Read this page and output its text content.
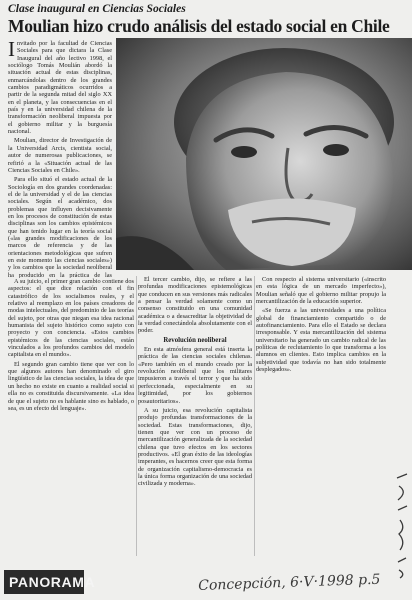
Clase inaugural en Ciencias Sociales
Moulian hizo crudo análisis del estado social en Chile

Invitado por la facultad de Ciencias Sociales para que dictara la Clase Inaugural del año lectivo 1998, el sociólogo Tomás Moulián abordó la situación actual de estas disciplinas, enmarcándolas dentro de los grandes cambios paradigmáticos ocurridos a partir de la segunda mitad del siglo XX en el planeta, y las consecuencias en el país y en la universidad chilena de la transformación neoliberal impuesta por el gobierno militar y la burguesía nacional.

Moulian, director de Investigación de la Universidad Arcis, cientista social, autor de numerosas publicaciones, se refirió a la «Situación actual de las Ciencias Sociales en Chile».

Para ello situó el estado actual de la Sociología en dos grandes coordenadas: el de la universidad y el de las ciencias sociales. Según el académico, dos problemas que influyen decisivamente en los procesos de constitución de estas disciplinas son los cambios epistémicos que han tenido lugar en la teoría social («las grandes modificaciones de los marcos de referencia y de las orientaciones metodológicas que sufren en este momento las ciencias sociales») y los cambios que la sociedad neoliberal ha producido en la práctica de las

A su juicio, el primer gran cambio contiene dos aspectos: el que dice relación con el fin catastrófico de los socialismos reales, y el relativo al reemplazo en los países creadores de modas intelectuales, del predominio de las teorías del sujeto, por otras que niegan esa idea racional humanista del sujeto histórico como sujeto con proyecto y con conciencia. «Estos cambios epistémicos de las ciencias sociales, están vinculados a los profundos cambios del modelo capitalista en el mundo».

El segundo gran cambio tiene que ver con lo que algunos autores han denominado el giro lingüístico de las ciencias sociales, la idea de que un hecho no existe en cuanto a realidad social si ella no es constituida discursivamente. «La idea de que el sujeto no es hablante sino es hablado, o sea, es un efecto del lenguaje».

El tercer cambio, dijo, se refiere a las profundas modificaciones epistemológicas que conducen en sus versiones más radicales a pensar la verdad solamente como un consenso constituido en una comunidad académica o a desacreditar la objetividad de la verdad conectándola absolutamente con el poder.

Revolución neoliberal

En esta atmósfera general está inserta la práctica de las ciencias sociales chilenas. «Pero también en el mundo creado por la revolución neoliberal que los militares impusieron a través el terror y que ha sido perfeccionada, especialmente en su legitimidad, por los gobiernos posautoritarios».

A su juicio, esa revolución capitalista produjo profundas transformaciones de la sociedad. Estas transformaciones, dijo, tienen que ver con un proceso de mercantilización generalizada de la sociedad chilena que tuvo efectos en los sectores productivos. «El gran éxito de las ideologías imperantes, es hacernos creer que esta forma de organización capitalismo-democracia es la única forma organización de una sociedad civilizada y moderna».

Con respecto al sistema universitario («inscrito en esta lógica de un mercado imperfecto»), Moulian señaló que el gobierno militar propujo la mercantilización de la educación superior.

«Se fuerza a las universidades a una política global de financiamiento compartido o de autofinanciamiento. Para ello el Estado se declara irresponsable. Y esta mercantilización del sistema universitario ha generado un cambio radical de las políticas de reclutamiento lo que transforma a los alumnos en clientes. Esto implica cambios en la subjetividad que todavía no han sido totalmente desplegados».

PANORAMA	Concepción, 6·V·1998 p.5
